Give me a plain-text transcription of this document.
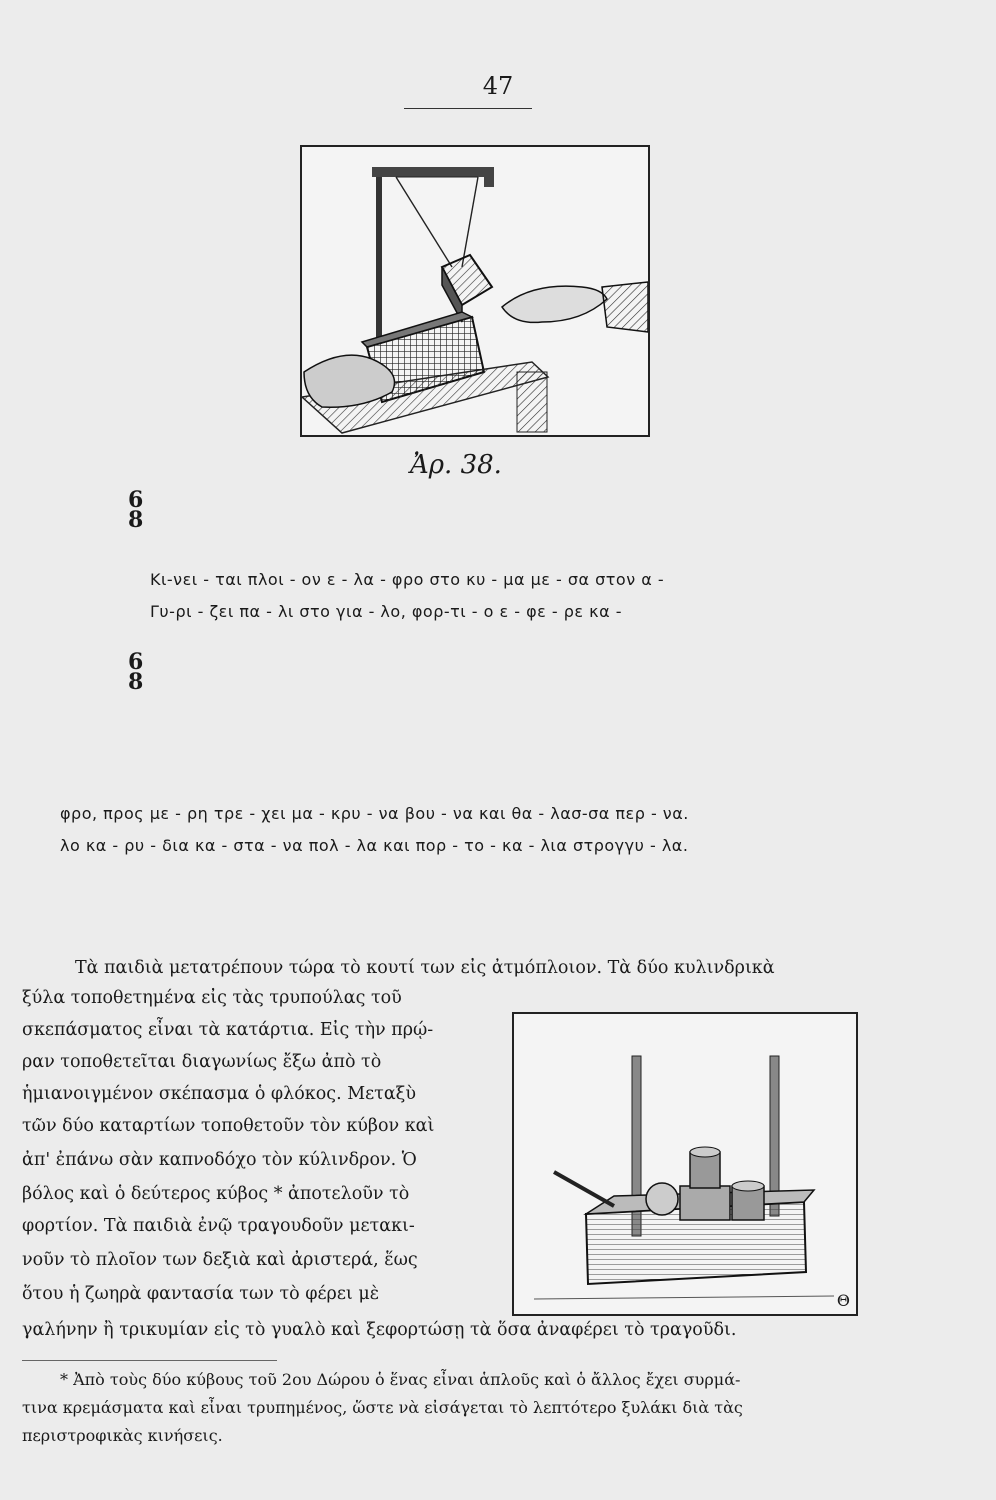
47
Ἀρ. 38.
6
8
6
8
Κι-νει - ται πλοι - ον ε - λα - φρο στο κυ - μα με - σα στον α -
Γυ-ρι - ζει πα - λι στο για - λο, φορ-τι - ο ε - φε - ρε κα -
φρο, προς με - ρη τρε - χει μα - κρυ - να βου - να και θα - λασ-σα περ - να.
λο κα - ρυ - δια κα - στα - να πολ - λα και πορ - το - κα - λια στρογγυ - λα.
Τὰ παιδιὰ μετατρέπουν τώρα τὸ κουτί των εἰς ἀτμόπλοιον. Τὰ δύο κυλινδρικὰ
ξύλα τοποθετημένα εἰς τὰς τρυπούλας τοῦ
σκεπάσματος εἶναι τὰ κατάρτια. Εἰς τὴν πρῴ-
ραν τοποθετεῖται διαγωνίως ἔξω ἀπὸ τὸ
ἡμιανοιγμένον σκέπασμα ὁ φλόκος. Μεταξὺ
τῶν δύο καταρτίων τοποθετοῦν τὸν κύβον καὶ
ἀπ' ἐπάνω σὰν καπνοδόχο τὸν κύλινδρον. Ὁ
βόλος καὶ ὁ δεύτερος κύβος * ἀποτελοῦν τὸ
φορτίον. Τὰ παιδιὰ ἐνῷ τραγουδοῦν μετακι-
νοῦν τὸ πλοῖον των δεξιὰ καὶ ἀριστερά, ἕως
ὅτου ἡ ζωηρὰ φαντασία των τὸ φέρει μὲ
γαλήνην ἢ τρικυμίαν εἰς τὸ γυαλὸ καὶ ξεφορτώσῃ τὰ ὅσα ἀναφέρει τὸ τραγοῦδι.
Θ
* Ἀπὸ τοὺς δύο κύβους τοῦ 2ου Δώρου ὁ ἕνας εἶναι ἁπλοῦς καὶ ὁ ἄλλος ἔχει συρμά-
τινα κρεμάσματα καὶ εἶναι τρυπημένος, ὥστε νὰ εἰσάγεται τὸ λεπτότερο ξυλάκι διὰ τὰς
περιστροφικὰς κινήσεις.
